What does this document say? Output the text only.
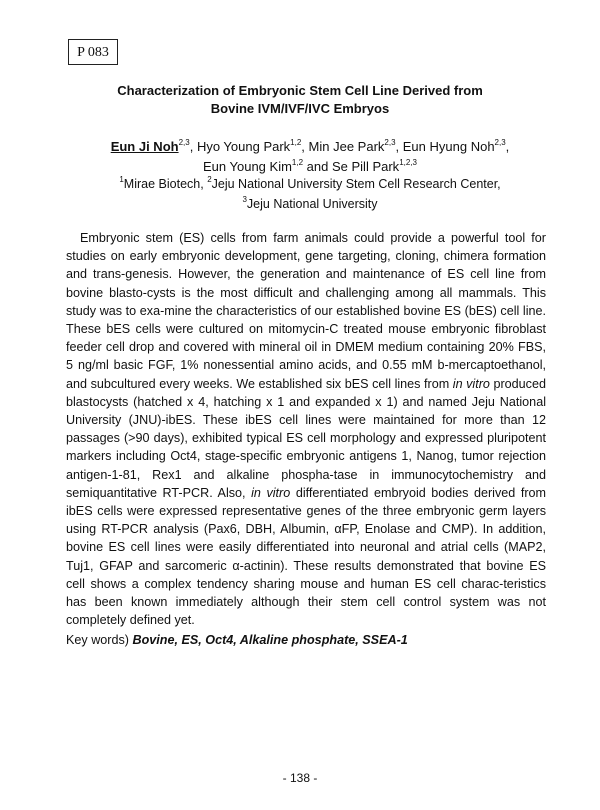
P 083
Characterization of Embryonic Stem Cell Line Derived from
Bovine IVM/IVF/IVC Embryos
Eun Ji Noh$^{2,3}$, Hyo Young Park$^{1,2}$, Min Jee Park$^{2,3}$, Eun Hyung Noh$^{2,3}$,
Eun Young Kim$^{1,2}$ and Se Pill Park$^{1,2,3}$
$^1$Mirae Biotech, $^2$Jeju National University Stem Cell Research Center,
$^3$Jeju National University
Embryonic stem (ES) cells from farm animals could provide a powerful tool for studies on early embryonic development, gene targeting, cloning, chimera formation and trans-genesis. However, the generation and maintenance of ES cell line from bovine blasto-cysts is the most difficult and challenging among all mammals. This study was to exa-mine the characteristics of our established bovine ES (bES) cell line. These bES cells were cultured on mitomycin-C treated mouse embryonic fibroblast feeder cell drop and covered with mineral oil in DMEM medium containing 20% FBS, 5 ng/ml basic FGF, 1% nonessential amino acids, and 0.55 mM b-mercaptoethanol, and subcultured every weeks. We established six bES cell lines from in vitro produced blastocysts (hatched x 4, hatching x 1 and expanded x 1) and named Jeju National University (JNU)-ibES. These ibES cell lines were maintained for more than 12 passages (>90 days), exhibited typical ES cell morphology and expressed pluripotent markers including Oct4, stage-specific embryonic antigens 1, Nanog, tumor rejection antigen-1-81, Rex1 and alkaline phospha-tase in immunocytochemistry and semiquantitative RT-PCR. Also, in vitro differentiated embryoid bodies derived from ibES cells were expressed representative genes of the three embryonic germ layers using RT-PCR analysis (Pax6, DBH, Albumin, αFP, Enolase and CMP). In addition, bovine ES cell lines were easily differentiated into neuronal and atrial cells (MAP2, Tuj1, GFAP and sarcomeric α-actinin). These results demonstrated that bovine ES cell shows a complex tendency sharing mouse and human ES cell charac-teristics has been known immediately although their stem cell control system was not completely defined yet.
Key words) Bovine, ES, Oct4, Alkaline phosphate, SSEA-1
- 138 -
